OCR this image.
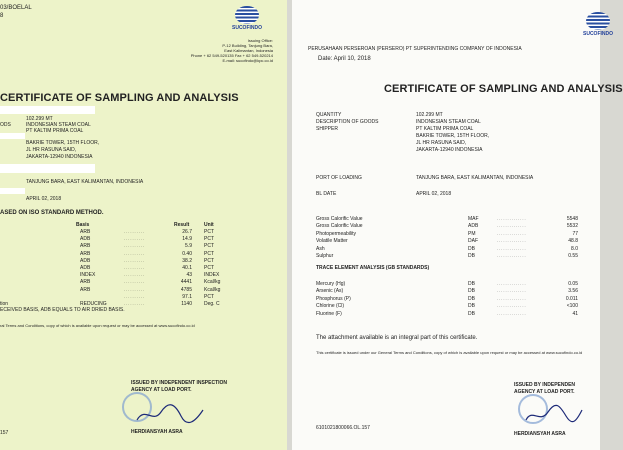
03/BOELAL
8
SUCOFINDO
Issuing Office:
P-12 Building, Tanjung Bara,
East Kalimantan, Indonesia
Phone + 62 549-520135 Fax + 62 549-520214
E-mail: sucofindo@kpc.co.id
CERTIFICATE OF SAMPLING AND ANALYSIS
102.299 MT
ODS	INDONESIAN STEAM COAL
PT KALTIM PRIMA COAL
BAKRIE TOWER, 15TH FLOOR,
JL HR RASUNA SAID,
JAKARTA-12940 INDONESIA
TANJUNG BARA, EAST KALIMANTAN, INDONESIA
APRIL 02, 2018
ASED ON ISO STANDARD METHOD.
Basis	Result	Unit
ECEIVED BASIS, ADB EQUALS TO AIR DRIED BASIS.
ral Terms and Conditions, copy of which is available upon request or may be accessed at www.sucofindo.co.id
ISSUED BY INDEPENDENT INSPECTION
AGENCY AT LOAD PORT.
HERDIANSYAH ASRA
157
ARB	..........	26.7 PCT
ADB	..........	14.9 PCT
ARB	..........	5.9 PCT
ARB	..........	0.40 PCT
ADB	..........	38.2 PCT
ADB	..........	40.1 PCT
INDEX	..........	43 INDEX
ARB	..........	4441 Kcal/kg
ARB	..........	4785 Kcal/kg
..........	97.1 PCT
tion	REDUCING	..........	1140 Deg. C
PERUSAHAAN PERSEROAN (PERSERO) PT SUPERINTENDING COMPANY OF INDONESIA
Date: April 10, 2018
SUCOFINDO
CERTIFICATE OF SAMPLING AND ANALYSIS
QUANTITY	102.299 MT
DESCRIPTION OF GOODS	INDONESIAN STEAM COAL
SHIPPER	PT KALTIM PRIMA COAL
BAKRIE TOWER, 15TH FLOOR,
JL HR RASUNA SAID,
JAKARTA-12940 INDONESIA
PORT OF LOADING	TANJUNG BARA, EAST KALIMANTAN, INDONESIA
BL DATE	APRIL 02, 2018
TRACE ELEMENT ANALYSIS (GB STANDARDS)
The attachment available is an integral part of this certificate.
This certificate is issued under our General Terms and Conditions, copy of which is available upon request or may be accessed at www.sucofindo.co.id
ISSUED BY INDEPENDEN
AGENCY AT LOAD PORT.
HERDIANSYAH ASRA
6101021800066.OL.157
Gross Calorific Value	MAF	..............	5548
Gross Calorific Value	ADB	..............	5532
Photopermeability	PM	..............	77
Volatile Matter	DAF	..............	48.8
Ash	DB	..............	8.0
Sulphur	DB	..............	0.55
Mercury (Hg)	DB	..............	0.05
Arsenic (As)	DB	..............	3.56
Phosphorus (P)	DB	..............	0.011
Chlorine (Cl)	DB	..............	<100
Fluorine (F)	DB	..............	41
